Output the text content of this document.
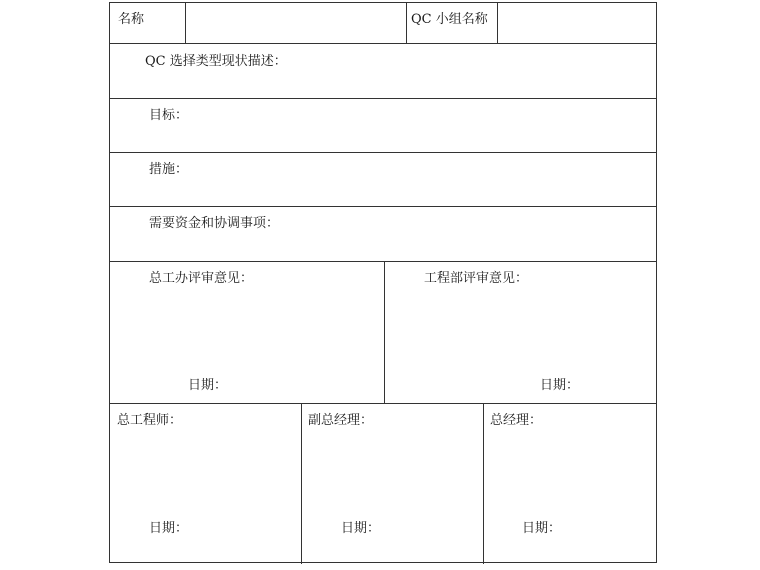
名称	QC 小组名称
QC 选择类型现状描述：
目标：
措施：
需要资金和协调事项：
总工办评审意见：	工程部评审意见：
日期：	日期：
总工程师：	副总经理：	总经理：
日期：	日期：	日期：
